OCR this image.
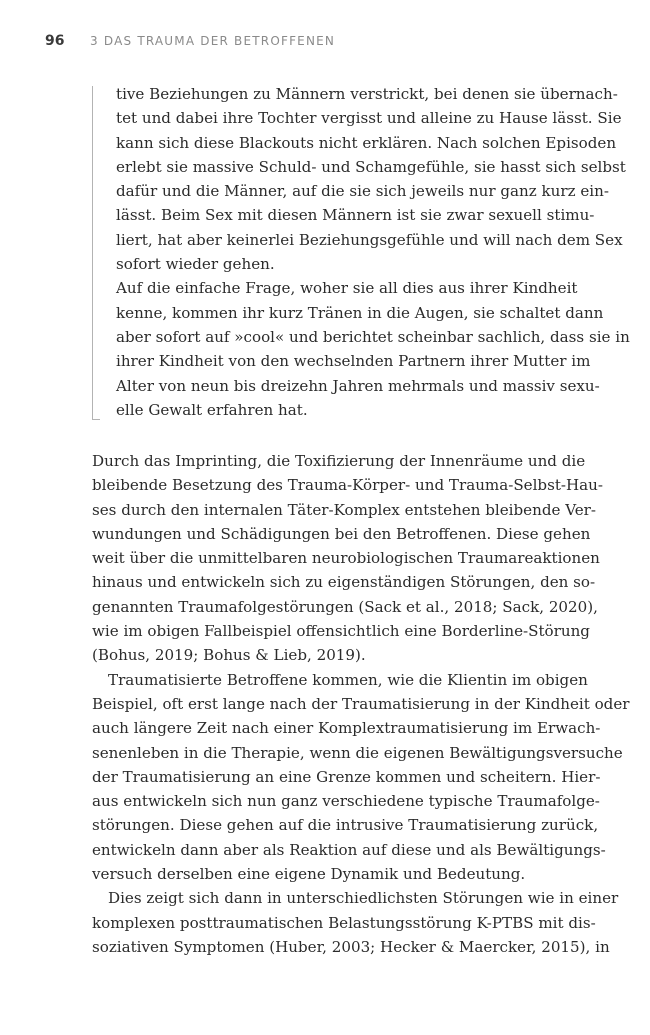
96	3 DAS TRAUMA DER BETROFFENEN

tive Beziehungen zu Männern verstrickt, bei denen sie übernach-
tet und dabei ihre Tochter vergisst und alleine zu Hause lässt. Sie
kann sich diese Blackouts nicht erklären. Nach solchen Episoden
erlebt sie massive Schuld- und Schamgefühle, sie hasst sich selbst
dafür und die Männer, auf die sie sich jeweils nur ganz kurz ein-
lässt. Beim Sex mit diesen Männern ist sie zwar sexuell stimu-
liert, hat aber keinerlei Beziehungsgefühle und will nach dem Sex
sofort wieder gehen.

Auf die einfache Frage, woher sie all dies aus ihrer Kindheit
kenne, kommen ihr kurz Tränen in die Augen, sie schaltet dann
aber sofort auf »cool« und berichtet scheinbar sachlich, dass sie in
ihrer Kindheit von den wechselnden Partnern ihrer Mutter im
Alter von neun bis dreizehn Jahren mehrmals und massiv sexu-
elle Gewalt erfahren hat.

Durch das Imprinting, die Toxifizierung der Innenräume und die
bleibende Besetzung des Trauma-Körper- und Trauma-Selbst-Hau-
ses durch den internalen Täter-Komplex entstehen bleibende Ver-
wundungen und Schädigungen bei den Betroffenen. Diese gehen
weit über die unmittelbaren neurobiologischen Traumareaktionen
hinaus und entwickeln sich zu eigenständigen Störungen, den so-
genannten Traumafolgestörungen (Sack et al., 2018; Sack, 2020),
wie im obigen Fallbeispiel offensichtlich eine Borderline-Störung
(Bohus, 2019; Bohus & Lieb, 2019).

Traumatisierte Betroffene kommen, wie die Klientin im obigen
Beispiel, oft erst lange nach der Traumatisierung in der Kindheit oder
auch längere Zeit nach einer Komplextraumatisierung im Erwach-
senenleben in die Therapie, wenn die eigenen Bewältigungsversuche
der Traumatisierung an eine Grenze kommen und scheitern. Hier-
aus entwickeln sich nun ganz verschiedene typische Traumafolge-
störungen. Diese gehen auf die intrusive Traumatisierung zurück,
entwickeln dann aber als Reaktion auf diese und als Bewältigungs-
versuch derselben eine eigene Dynamik und Bedeutung.

Dies zeigt sich dann in unterschiedlichsten Störungen wie in einer
komplexen posttraumatischen Belastungsstörung K-PTBS mit dis-
soziativen Symptomen (Huber, 2003; Hecker & Maercker, 2015), in
